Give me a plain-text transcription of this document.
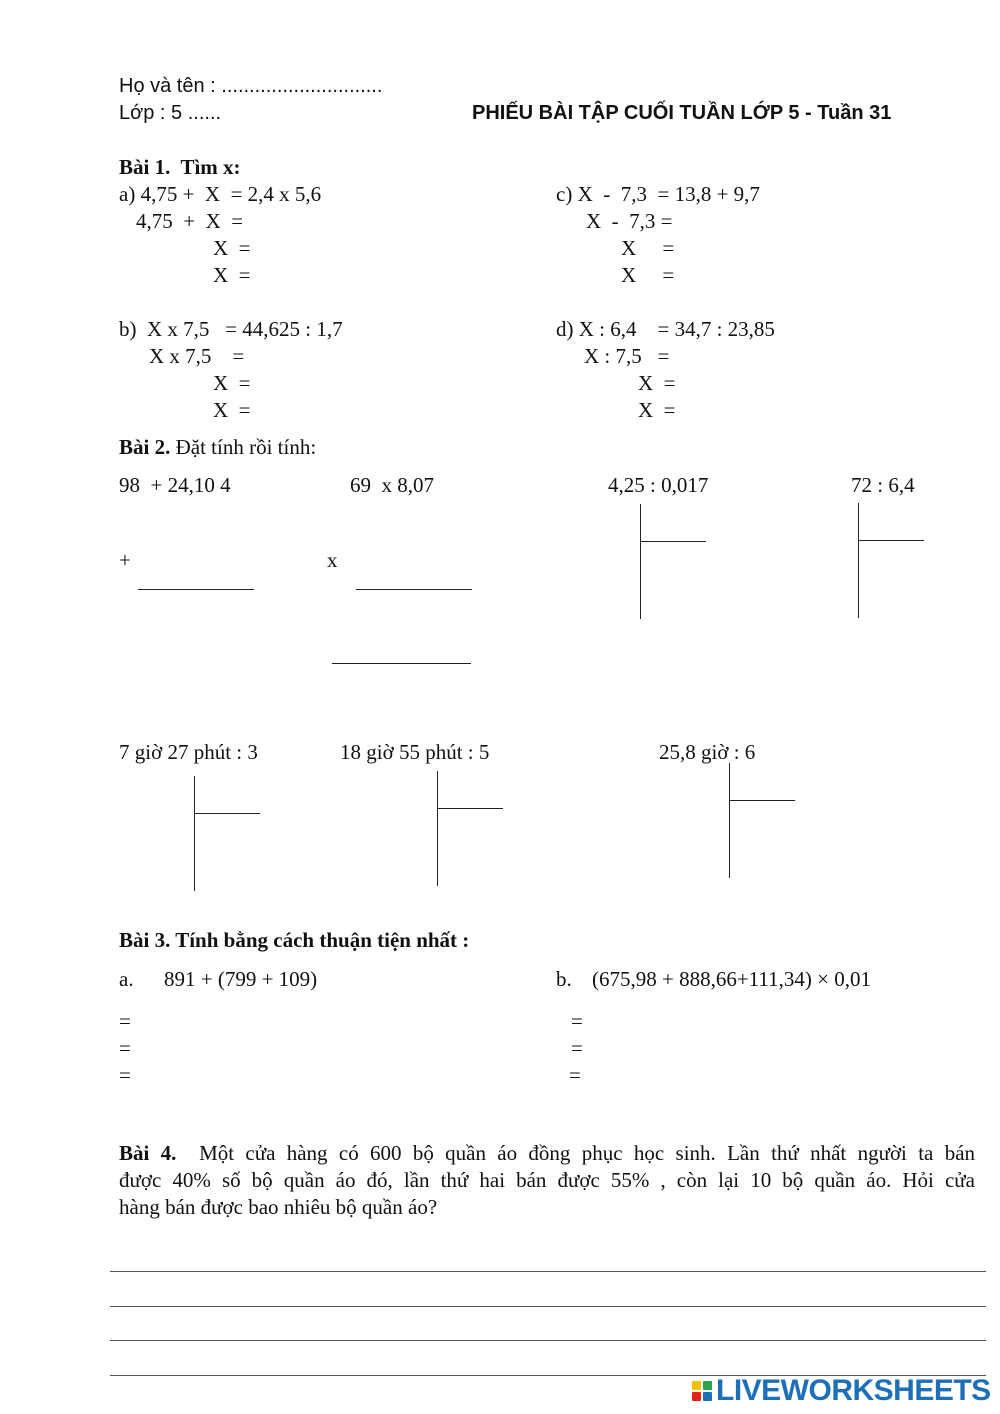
Họ và tên : .............................
Lớp : 5 ......	PHIẾU BÀI TẬP CUỐI TUẦN LỚP 5 - Tuần 31
Bài 1.  Tìm x:
a) 4,75 +  X  = 2,4 x 5,6
4,75  +  X  =
X  =
X  =
c) X  -  7,3  = 13,8 + 9,7
X  -  7,3 =
X     =
X     =
b)  X x 7,5   = 44,625 : 1,7
X x 7,5    =
X  =
X  =
d) X : 6,4    = 34,7 : 23,85
X : 7,5   =
X  =
X  =
Bài 2. Đặt tính rồi tính:
98  + 24,10 4	69  x 8,07	4,25 : 0,017	72 : 6,4
+	x
7 giờ 27 phút : 3	18 giờ 55 phút : 5	25,8 giờ : 6
Bài 3. Tính bằng cách thuận tiện nhất :
a. 891 + (799 + 109)	b. (675,98 + 888,66+111,34) × 0,01
=
=
=
=
=
=
Bài 4. Một cửa hàng có 600 bộ quần áo đồng phục học sinh. Lần thứ nhất người ta bán
được 40% số bộ quần áo đó, lần thứ hai bán được 55% , còn lại 10 bộ quần áo. Hỏi cửa
hàng bán được bao nhiêu bộ quần áo?
LIVEWORKSHEETS
